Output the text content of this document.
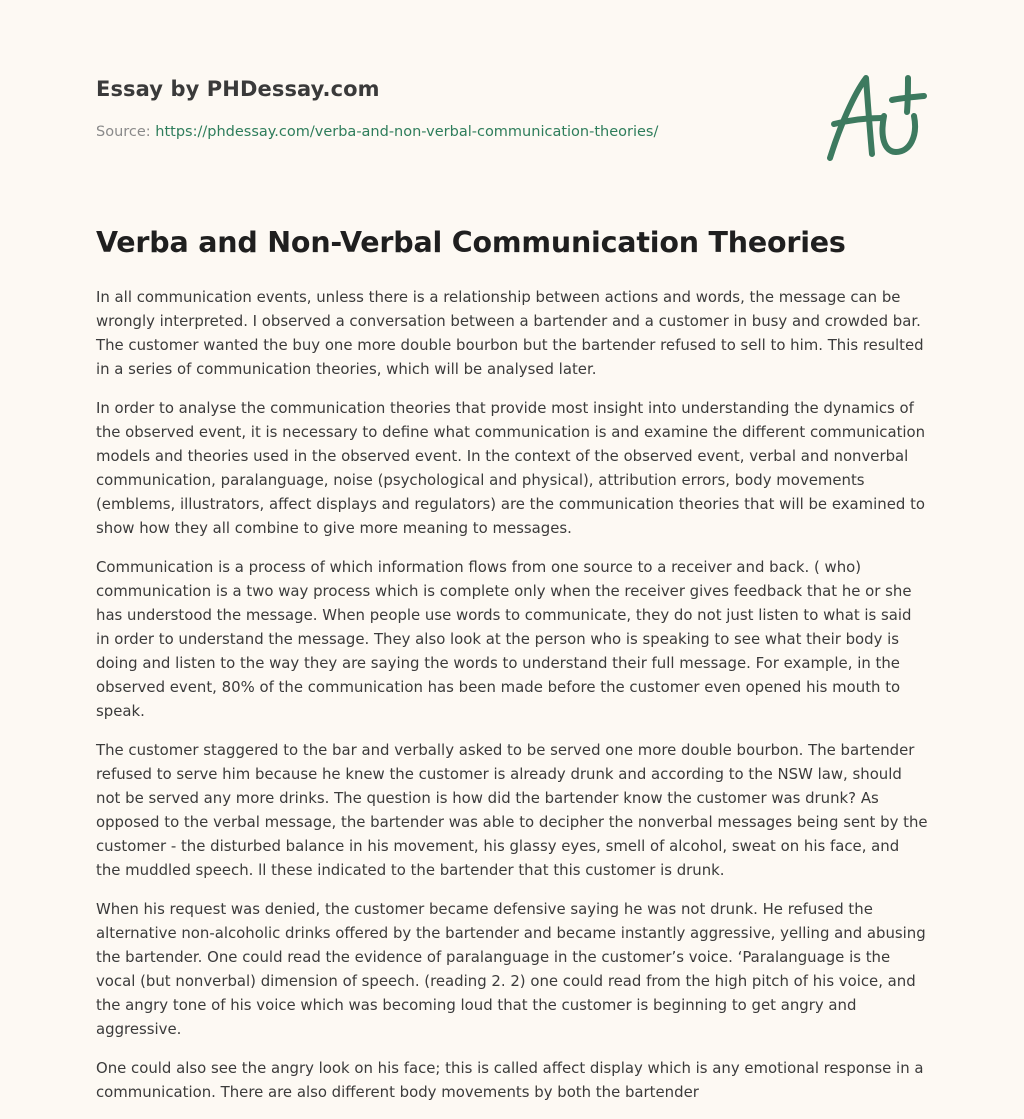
Essay by PHDessay.com
Source: https://phdessay.com/verba-and-non-verbal-communication-theories/
Verba and Non-Verbal Communication Theories

In all communication events, unless there is a relationship between actions and words, the message can be wrongly interpreted. I observed a conversation between a bartender and a customer in busy and crowded bar. The customer wanted the buy one more double bourbon but the bartender refused to sell to him. This resulted in a series of communication theories, which will be analysed later.

In order to analyse the communication theories that provide most insight into understanding the dynamics of the observed event, it is necessary to define what communication is and examine the different communication models and theories used in the observed event. In the context of the observed event, verbal and nonverbal communication, paralanguage, noise (psychological and physical), attribution errors, body movements (emblems, illustrators, affect displays and regulators) are the communication theories that will be examined to show how they all combine to give more meaning to messages.

Communication is a process of which information flows from one source to a receiver and back. ( who) communication is a two way process which is complete only when the receiver gives feedback that he or she has understood the message. When people use words to communicate, they do not just listen to what is said in order to understand the message. They also look at the person who is speaking to see what their body is doing and listen to the way they are saying the words to understand their full message. For example, in the observed event, 80% of the communication has been made before the customer even opened his mouth to speak.

The customer staggered to the bar and verbally asked to be served one more double bourbon. The bartender refused to serve him because he knew the customer is already drunk and according to the NSW law, should not be served any more drinks. The question is how did the bartender know the customer was drunk? As opposed to the verbal message, the bartender was able to decipher the nonverbal messages being sent by the customer - the disturbed balance in his movement, his glassy eyes, smell of alcohol, sweat on his face, and the muddled speech. ll these indicated to the bartender that this customer is drunk.

When his request was denied, the customer became defensive saying he was not drunk. He refused the alternative non-alcoholic drinks offered by the bartender and became instantly aggressive, yelling and abusing the bartender. One could read the evidence of paralanguage in the customer’s voice. ‘Paralanguage is the vocal (but nonverbal) dimension of speech. (reading 2. 2) one could read from the high pitch of his voice, and the angry tone of his voice which was becoming loud that the customer is beginning to get angry and aggressive.

One could also see the angry look on his face; this is called affect display which is any emotional response in a communication. There are also different body movements by both the bartender
